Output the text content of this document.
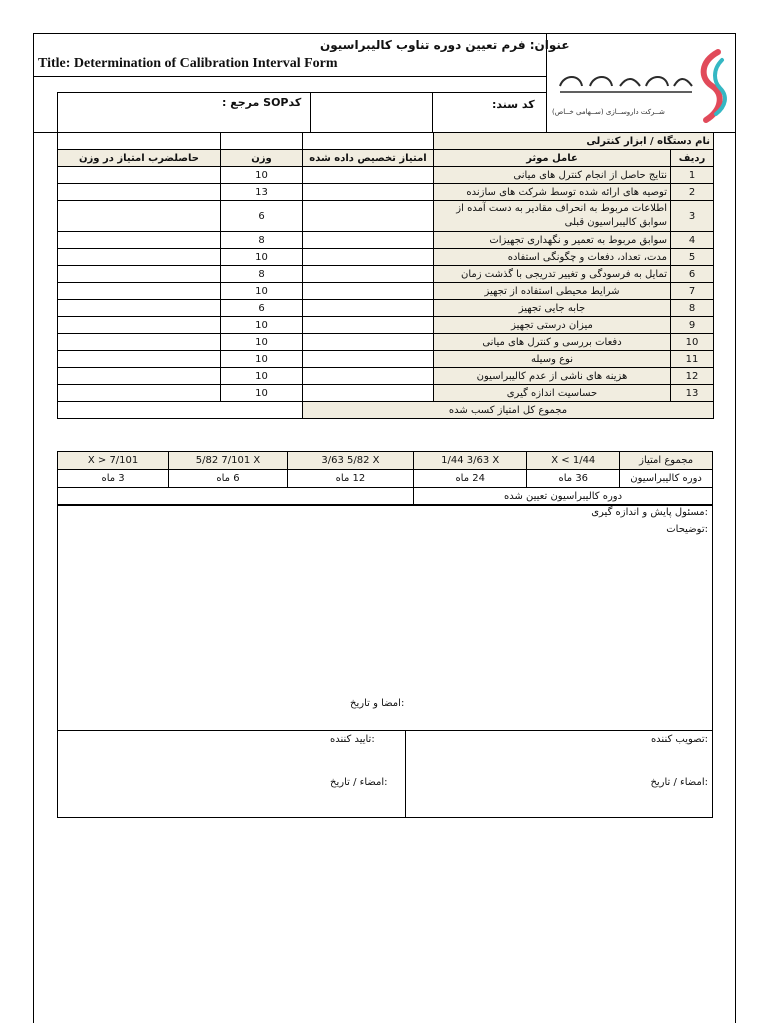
عنوان: فرم تعیین دوره تناوب کالیبراسیون
Title: Determination of Calibration Interval Form
کدSOP مرجع :	کد سند:
شــرکت داروســازی (ســهامی خــاص)
			نام دستگاه / ابزار کنترلی	
حاصلضرب امتیاز در وزن	وزن	امتیاز تخصیص داده شده	عامل موثر	ردیف
	10		نتایج حاصل از انجام کنترل های میانی	1
	13		توصیه های ارائه شده توسط شرکت های سازنده	2
	6		اطلاعات مربوط به انحراف مقادیر به دست آمده از سوابق کالیبراسیون قبلی	3
	8		سوابق مربوط به تعمیر و نگهداری تجهیزات	4
	10		مدت، تعداد، دفعات و چگونگی استفاده	5
	8		تمایل به فرسودگی و تغییر تدریجی با گذشت زمان	6
	10		شرایط محیطی استفاده از تجهیز	7
	6		جابه جایی تجهیز	8
	10		میزان درستی تجهیز	9
	10		دفعات بررسی و کنترل های میانی	10
	10		نوع وسیله	11
	10		هزینه های ناشی از عدم کالیبراسیون	12
	10		حساسیت اندازه گیری	13
		مجموع کل امتیاز کسب شده		
X > 7/101	5/82 7/101 X	3/63 5/82 X	1/44 3/63 X	X < 1/44	مجموع امتیاز
3 ماه	6 ماه	12 ماه	24 ماه	36 ماه	دوره کالیبراسیون
			دوره کالیبراسیون تعیین شده		
:مسئول پایش و اندازه گیری
:توضیحات
:امضا و تاریخ
:تصویب کننده
:امضاء / تاریخ
:تایید کننده
:امضاء / تاریخ
